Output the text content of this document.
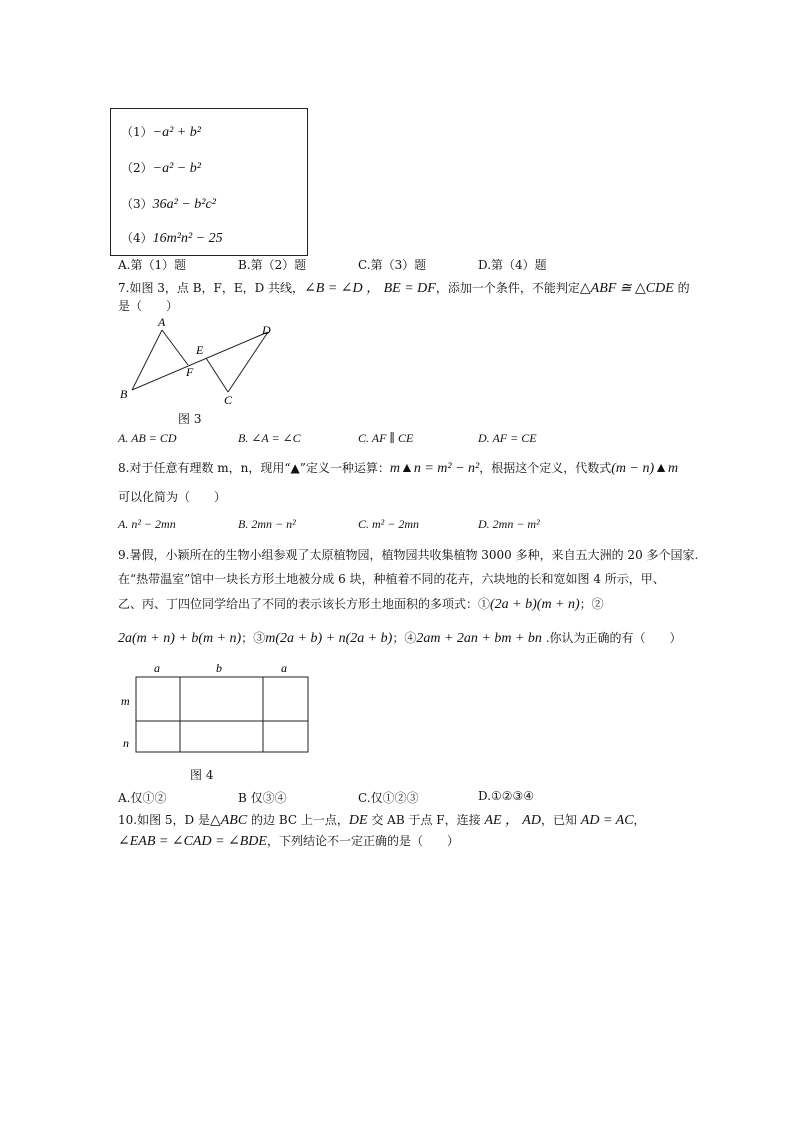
（1）−a² + b²
（2）−a² − b²
（3）36a² − b²c²
（4）16m²n² − 25
A.第（1）题	B.第（2）题	C.第（3）题	D.第（4）题
7.如图 3，点 B，F，E，D 共线，∠B = ∠D ， BE = DF，添加一个条件，不能判定△ABF ≅ △CDE 的
是（　　）
A
B	C
D
E
F
图 3
A. AB = CD	B. ∠A = ∠C	C. AF ∥ CE	D. AF = CE
8.对于任意有理数 m，n，现用“▲”定义一种运算：m▲n = m² − n²，根据这个定义，代数式(m − n)▲m
可以化简为（　　）
A. n² − 2mn	B. 2mn − n²	C. m² − 2mn	D. 2mn − m²
9.暑假，小颖所在的生物小组参观了太原植物园，植物园共收集植物 3000 多种，来自五大洲的 20 多个国家.
在“热带温室”馆中一块长方形土地被分成 6 块，种植着不同的花卉，六块地的长和宽如图 4 所示，甲、
乙、丙、丁四位同学给出了不同的表示该长方形土地面积的多项式：①(2a + b)(m + n)；②
2a(m + n) + b(m + n)；③m(2a + b) + n(2a + b)；④2am + 2an + bm + bn .你认为正确的有（　　）
a	b	a
m
n
图 4
A.仅①②	B 仅③④	C.仅①②③	D.①②③④
10.如图 5，D 是△ABC 的边 BC 上一点，DE 交 AB 于点 F，连接 AE ， AD，已知 AD = AC，
∠EAB = ∠CAD = ∠BDE，下列结论不一定正确的是（　　）
